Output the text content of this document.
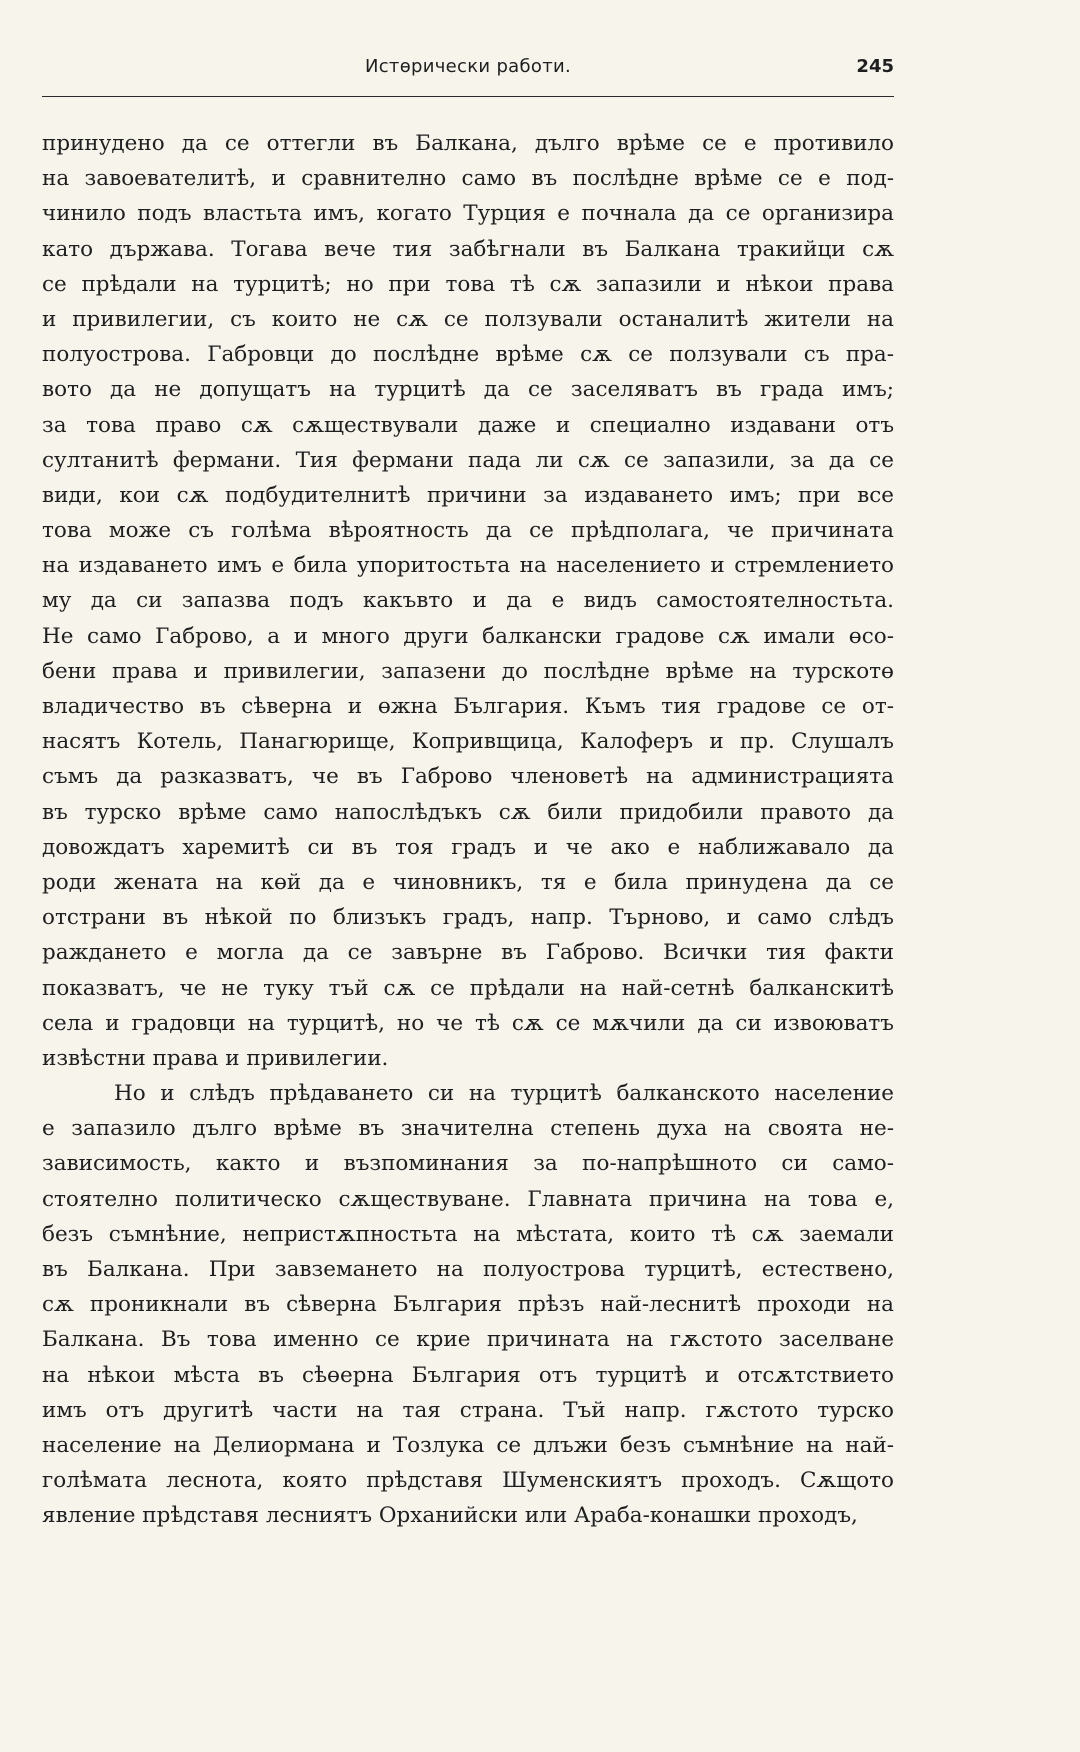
Истɵрически работи.	245
принудено да се оттегли въ Балкана, дълго врѣме се е противило
на завоевателитѣ, и сравнително само въ послѣдне врѣме се е под-
чинило подъ властьта имъ, когато Турция е почнала да се организира
като държава. Тогава вече тия забѣгнали въ Балкана тракийци сѫ
се прѣдали на турцитѣ; но при това тѣ сѫ запазили и нѣкои права
и привилегии, съ които не сѫ се ползували останалитѣ жители на
полуострова. Габровци до послѣдне врѣме сѫ се ползували съ пра-
вото да не допущатъ на турцитѣ да се заселяватъ въ града имъ;
за това право сѫ сѫществували даже и специално издавани отъ
султанитѣ фермани. Тия фермани пада ли сѫ се запазили, за да се
види, кои сѫ подбудителнитѣ причини за издаването имъ; при все
това може съ голѣма вѣроятность да се прѣдполага, че причината
на издаването имъ е била упоритостьта на населението и стремлението
му да си запазва подъ какъвто и да е видъ самостоятелностьта.
Не само Габрово, а и много други балкански градове сѫ имали ɵсо-
бени права и привилегии, запазени до послѣдне врѣме на турскотɵ
владичество въ сѣверна и ɵжна България. Къмъ тия градове се от-
насятъ Котель, Панагюрище, Копривщица, Калоферъ и пр. Слушалъ
съмъ да разказватъ, че въ Габрово членоветѣ на администрацията
въ турско врѣме само напослѣдъкъ сѫ били придобили правото да
довождатъ харемитѣ си въ тоя градъ и че ако е наближавало да
роди жената на кɵй да е чиновникъ, тя е била принудена да се
отстрани въ нѣкой по близъкъ градъ, напр. Търново, и само слѣдъ
раждането е могла да се завърне въ Габрово. Всички тия факти
показватъ, че не туку тъй сѫ се прѣдали на най-сетнѣ балканскитѣ
села и градовци на турцитѣ, но че тѣ сѫ се мѫчили да си извоюватъ
извѣстни права и привилегии.
Но и слѣдъ прѣдаването си на турцитѣ балканското население
е запазило дълго врѣме въ значителна степень духа на своята не-
зависимость, както и възпоминания за по-напрѣшното си само-
стоятелно политическо сѫществуване. Главната причина на това е,
безъ съмнѣние, непристѫпностьта на мѣстата, които тѣ сѫ заемали
въ Балкана. При завземането на полуострова турцитѣ, естествено,
сѫ проникнали въ сѣверна България прѣзъ най-леснитѣ проходи на
Балкана. Въ това именно се крие причината на гѫстото заселване
на нѣкои мѣста въ сѣɵерна България отъ турцитѣ и отсѫтствието
имъ отъ другитѣ части на тая страна. Тъй напр. гѫстото турско
население на Делиормана и Тозлука се длъжи безъ съмнѣние на най-
голѣмата леснота, която прѣдставя Шуменскиятъ проходъ. Сѫщото
явление прѣдставя лесниятъ Орханийски или Араба-конашки проходъ,
